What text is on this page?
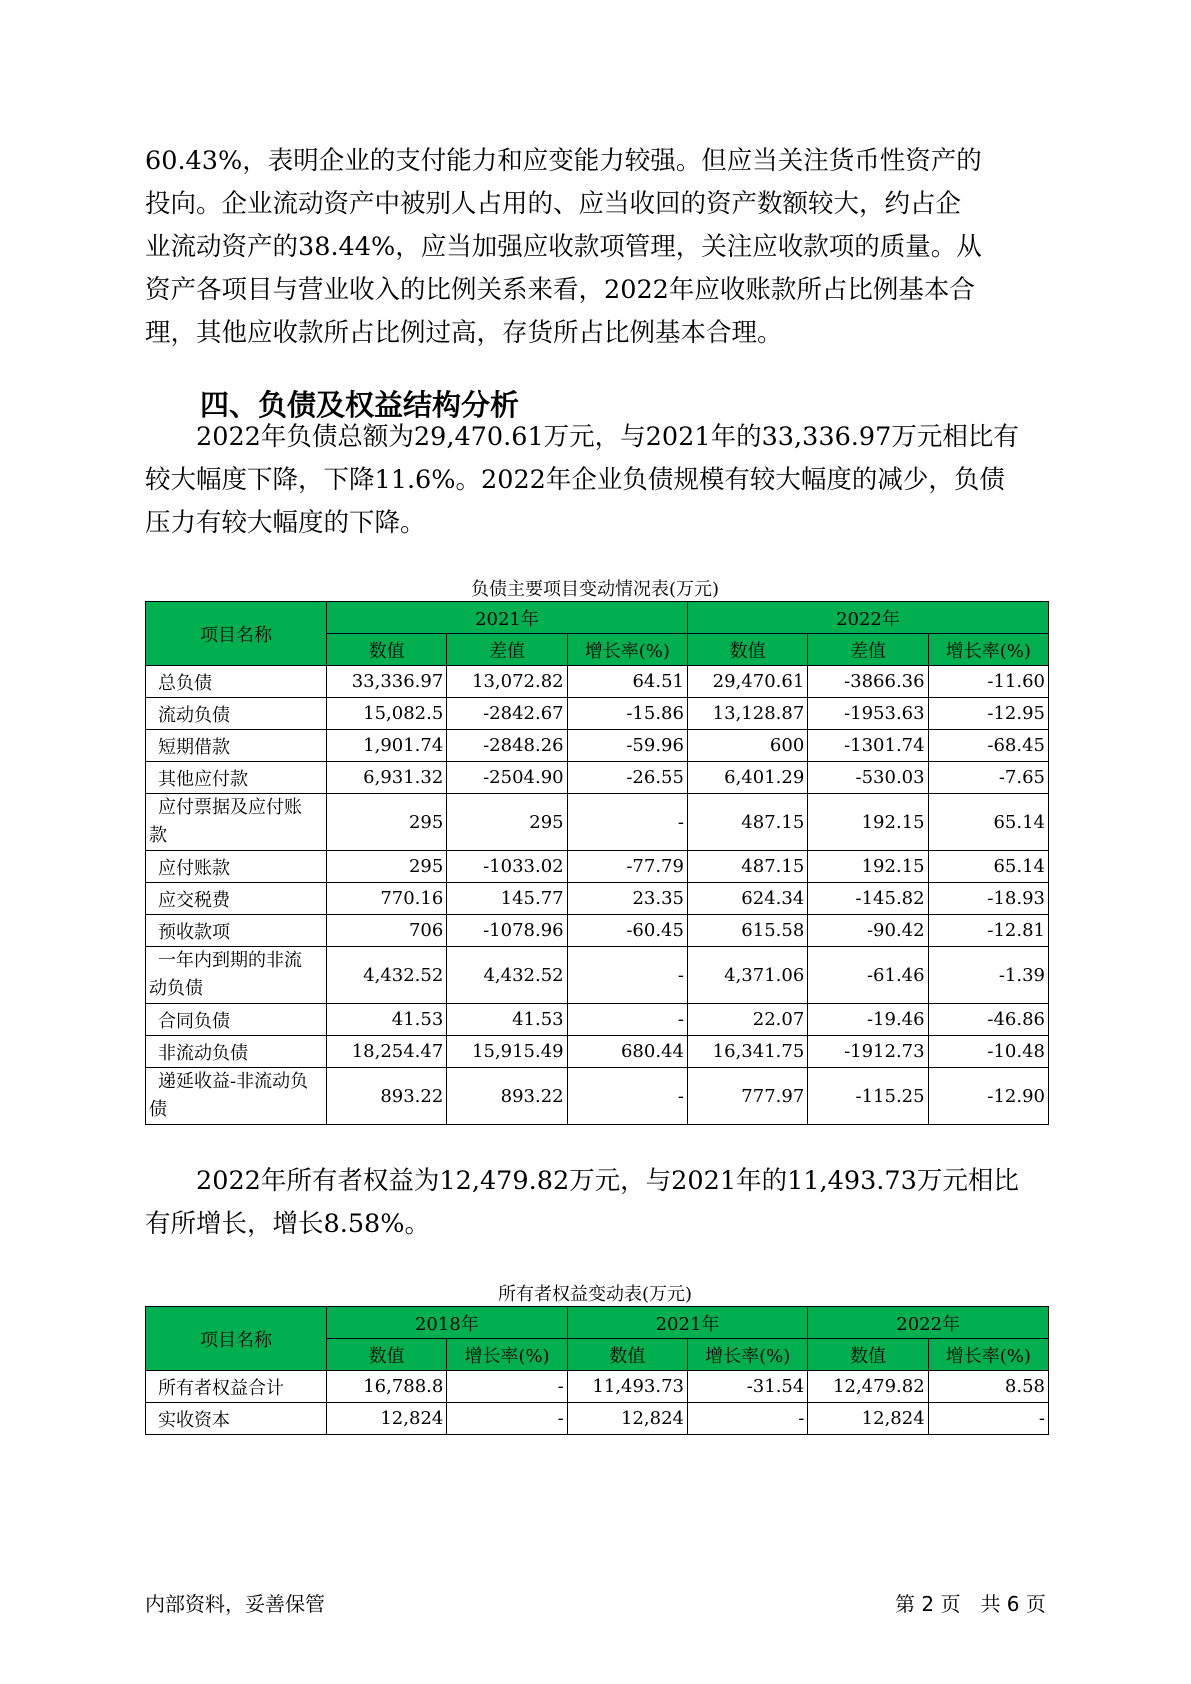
60.43%，表明企业的支付能力和应变能力较强。但应当关注货币性资产的
投向。企业流动资产中被别人占用的、应当收回的资产数额较大，约占企
业流动资产的38.44%，应当加强应收款项管理，关注应收款项的质量。从
资产各项目与营业收入的比例关系来看，2022年应收账款所占比例基本合
理，其他应收款所占比例过高，存货所占比例基本合理。

四、负债及权益结构分析

　　2022年负债总额为29,470.61万元，与2021年的33,336.97万元相比有
较大幅度下降，下降11.6%。2022年企业负债规模有较大幅度的减少，负债
压力有较大幅度的下降。

负债主要项目变动情况表(万元)
项目名称	2021年			2022年		
	数值	差值	增长率(%)	数值	差值	增长率(%)
总负债	33,336.97	13,072.82	64.51	29,470.61	-3866.36	-11.60
流动负债	15,082.5	-2842.67	-15.86	13,128.87	-1953.63	-12.95
短期借款	1,901.74	-2848.26	-59.96	600	-1301.74	-68.45
其他应付款	6,931.32	-2504.90	-26.55	6,401.29	-530.03	-7.65

应付票据及应付账
款	295	295	-	487.15	192.15	65.14
应付账款	295	-1033.02	-77.79	487.15	192.15	65.14
应交税费	770.16	145.77	23.35	624.34	-145.82	-18.93
预收款项	706	-1078.96	-60.45	615.58	-90.42	-12.81

一年内到期的非流
动负债	4,432.52	4,432.52	-	4,371.06	-61.46	-1.39
合同负债	41.53	41.53	-	22.07	-19.46	-46.86
非流动负债	18,254.47	15,915.49	680.44	16,341.75	-1912.73	-10.48

递延收益-非流动负
债	893.22	893.22	-	777.97	-115.25	-12.90

　　2022年所有者权益为12,479.82万元，与2021年的11,493.73万元相比
有所增长，增长8.58%。

所有者权益变动表(万元)
项目名称	2018年		2021年		2022年	
	数值	增长率(%)	数值	增长率(%)	数值	增长率(%)
所有者权益合计	16,788.8	-	11,493.73	-31.54	12,479.82	8.58
实收资本	12,824	-	12,824	-	12,824	-
内部资料，妥善保管	第 2 页　共 6 页
